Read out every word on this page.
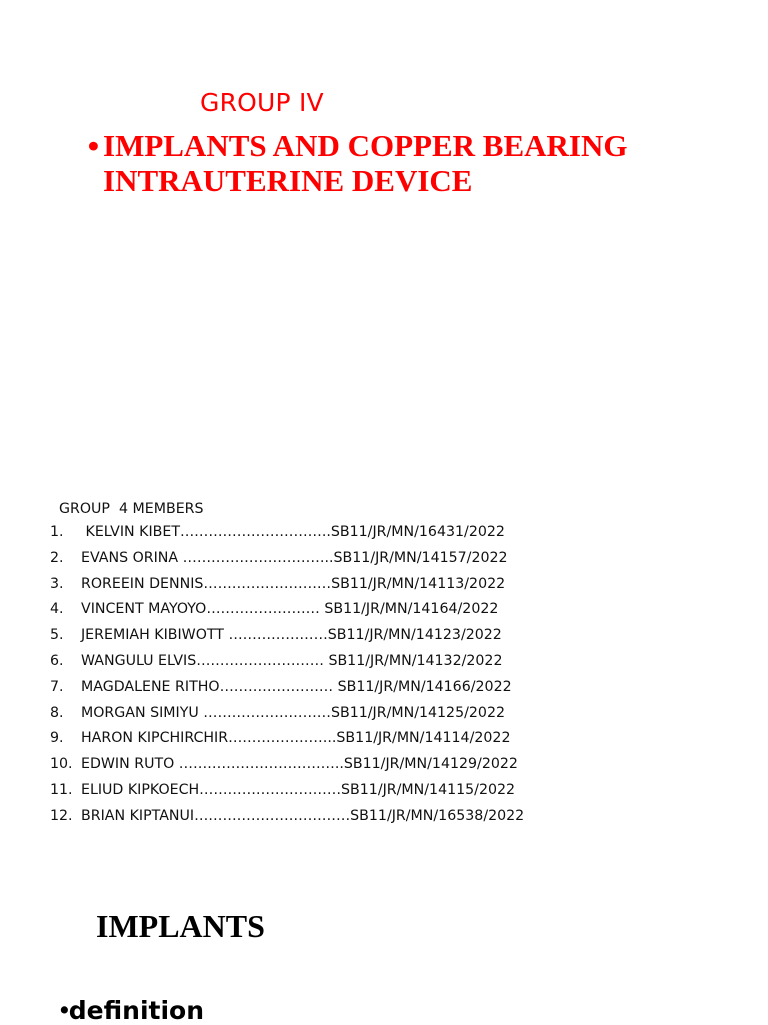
GROUP IV
• IMPLANTS AND COPPER BEARING
INTRAUTERINE DEVICE
GROUP  4 MEMBERS
1.	KELVIN KIBET…………………………..SB11/JR/MN/16431/2022
2.	EVANS ORINA …………………………..SB11/JR/MN/14157/2022
3.	ROREEIN DENNIS………………………SB11/JR/MN/14113/2022
4.	VINCENT MAYOYO…………………… SB11/JR/MN/14164/2022
5.	JEREMIAH KIBIWOTT …………………SB11/JR/MN/14123/2022
6.	WANGULU ELVIS……………………… SB11/JR/MN/14132/2022
7.	MAGDALENE RITHO…………………… SB11/JR/MN/14166/2022
8.	MORGAN SIMIYU ………………………SB11/JR/MN/14125/2022
9.	HARON KIPCHIRCHIR…………………..SB11/JR/MN/14114/2022
10. EDWIN RUTO ……………………………..SB11/JR/MN/14129/2022
11. ELIUD KIPKOECH…………………………SB11/JR/MN/14115/2022
12. BRIAN KIPTANUI……………………………SB11/JR/MN/16538/2022
IMPLANTS
• definition
